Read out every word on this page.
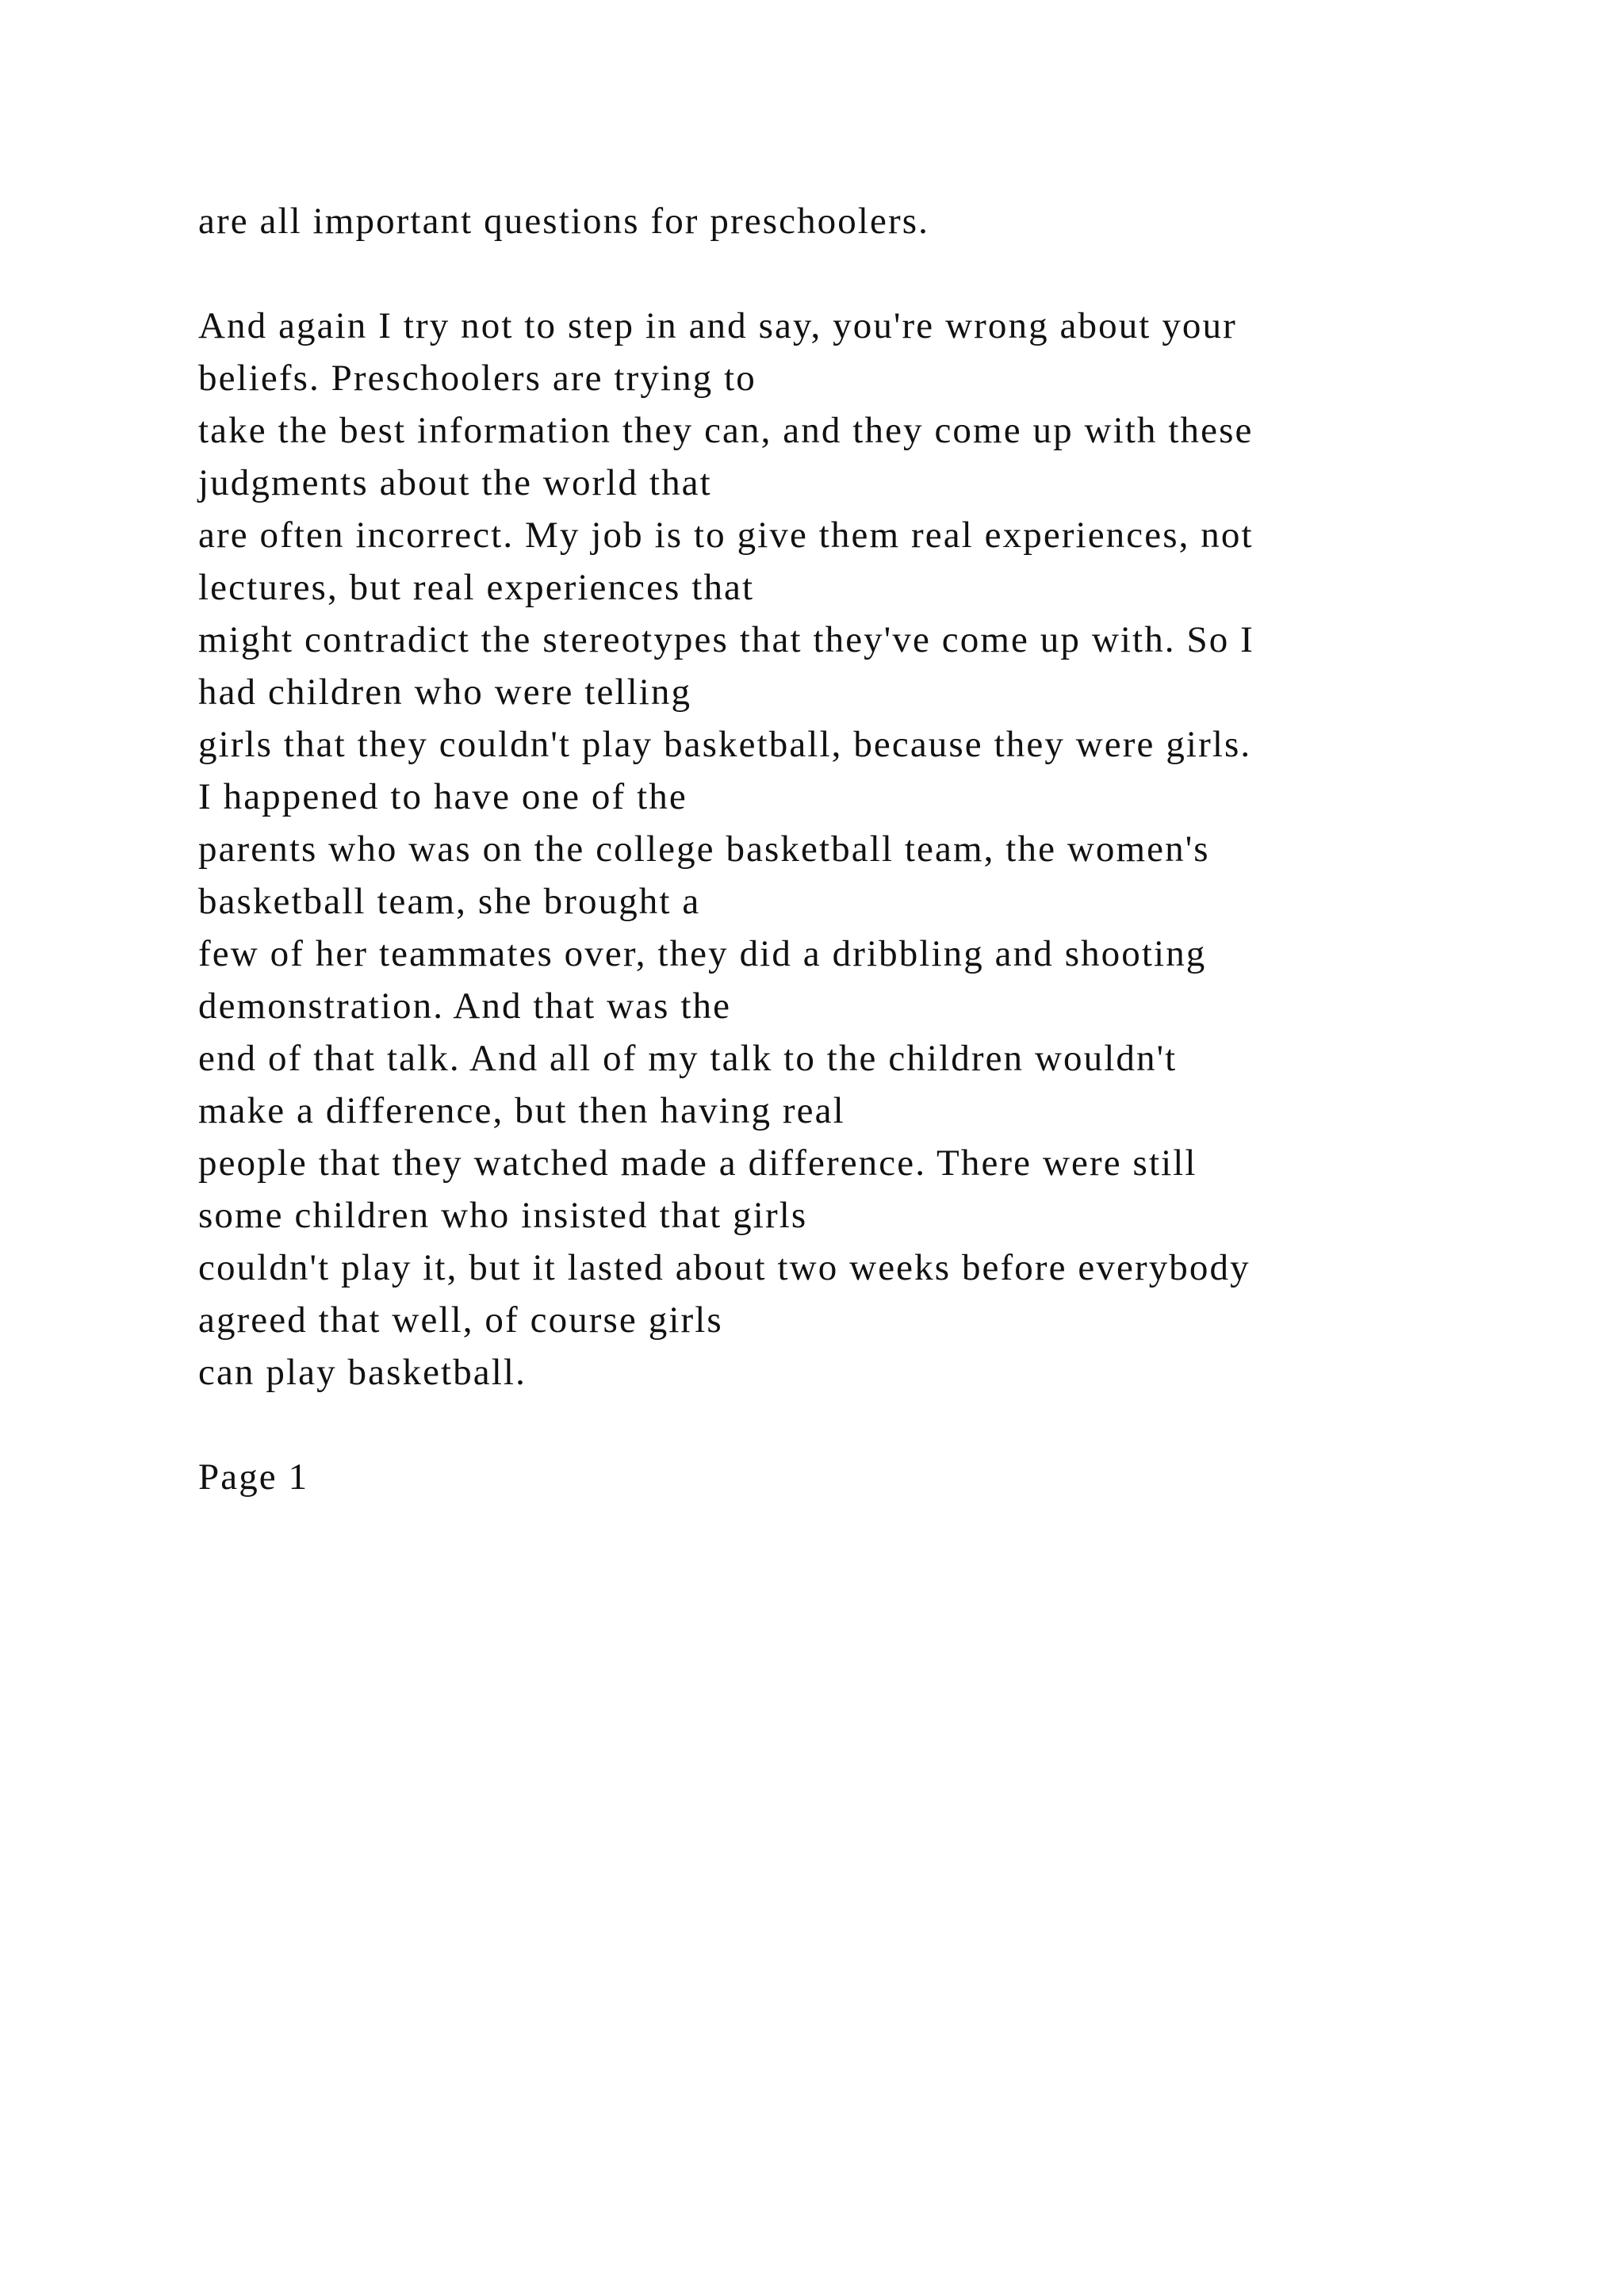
are all important questions for preschoolers.
And again I try not to step in and say, you're wrong about your
beliefs. Preschoolers are trying to
take the best information they can, and they come up with these
judgments about the world that
are often incorrect. My job is to give them real experiences, not
lectures, but real experiences that
might contradict the stereotypes that they've come up with. So I
had children who were telling
girls that they couldn't play basketball, because they were girls.
I happened to have one of the
parents who was on the college basketball team, the women's
basketball team, she brought a
few of her teammates over, they did a dribbling and shooting
demonstration. And that was the
end of that talk. And all of my talk to the children wouldn't
make a difference, but then having real
people that they watched made a difference. There were still
some children who insisted that girls
couldn't play it, but it lasted about two weeks before everybody
agreed that well, of course girls
can play basketball.
Page 1
